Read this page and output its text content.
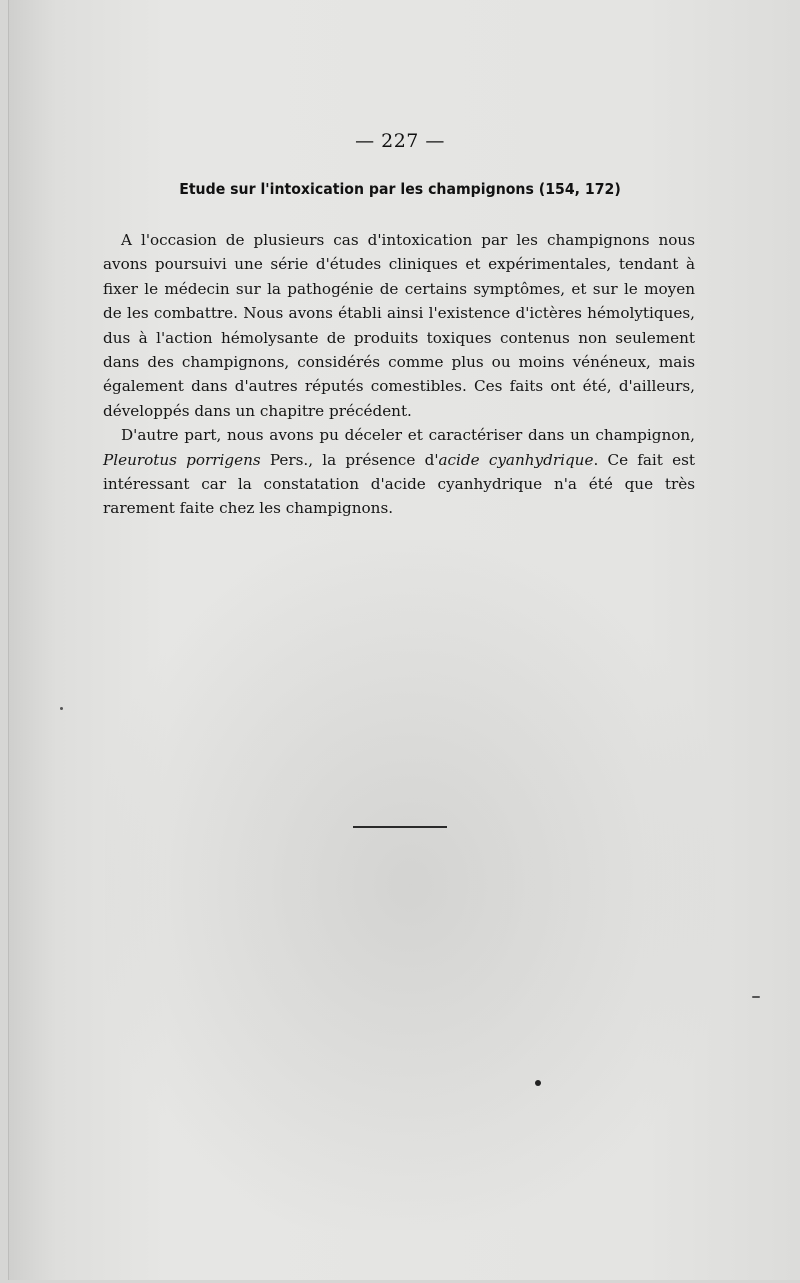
— 227 —
Etude sur l'intoxication par les champignons (154, 172)

A l'occasion de plusieurs cas d'intoxication par les champignons nous avons poursuivi une série d'études cliniques et expérimentales, tendant à fixer le médecin sur la pathogénie de certains symptômes, et sur le moyen de les combattre. Nous avons établi ainsi l'existence d'ictères hémolytiques, dus à l'action hémolysante de produits toxiques contenus non seulement dans des champignons, considérés comme plus ou moins vénéneux, mais également dans d'autres réputés comestibles. Ces faits ont été, d'ailleurs, développés dans un chapitre précédent.

D'autre part, nous avons pu déceler et caractériser dans un champignon, Pleurotus porrigens Pers., la présence d'acide cyanhydrique. Ce fait est intéressant car la constatation d'acide cyanhydrique n'a été que très rarement faite chez les champignons.
